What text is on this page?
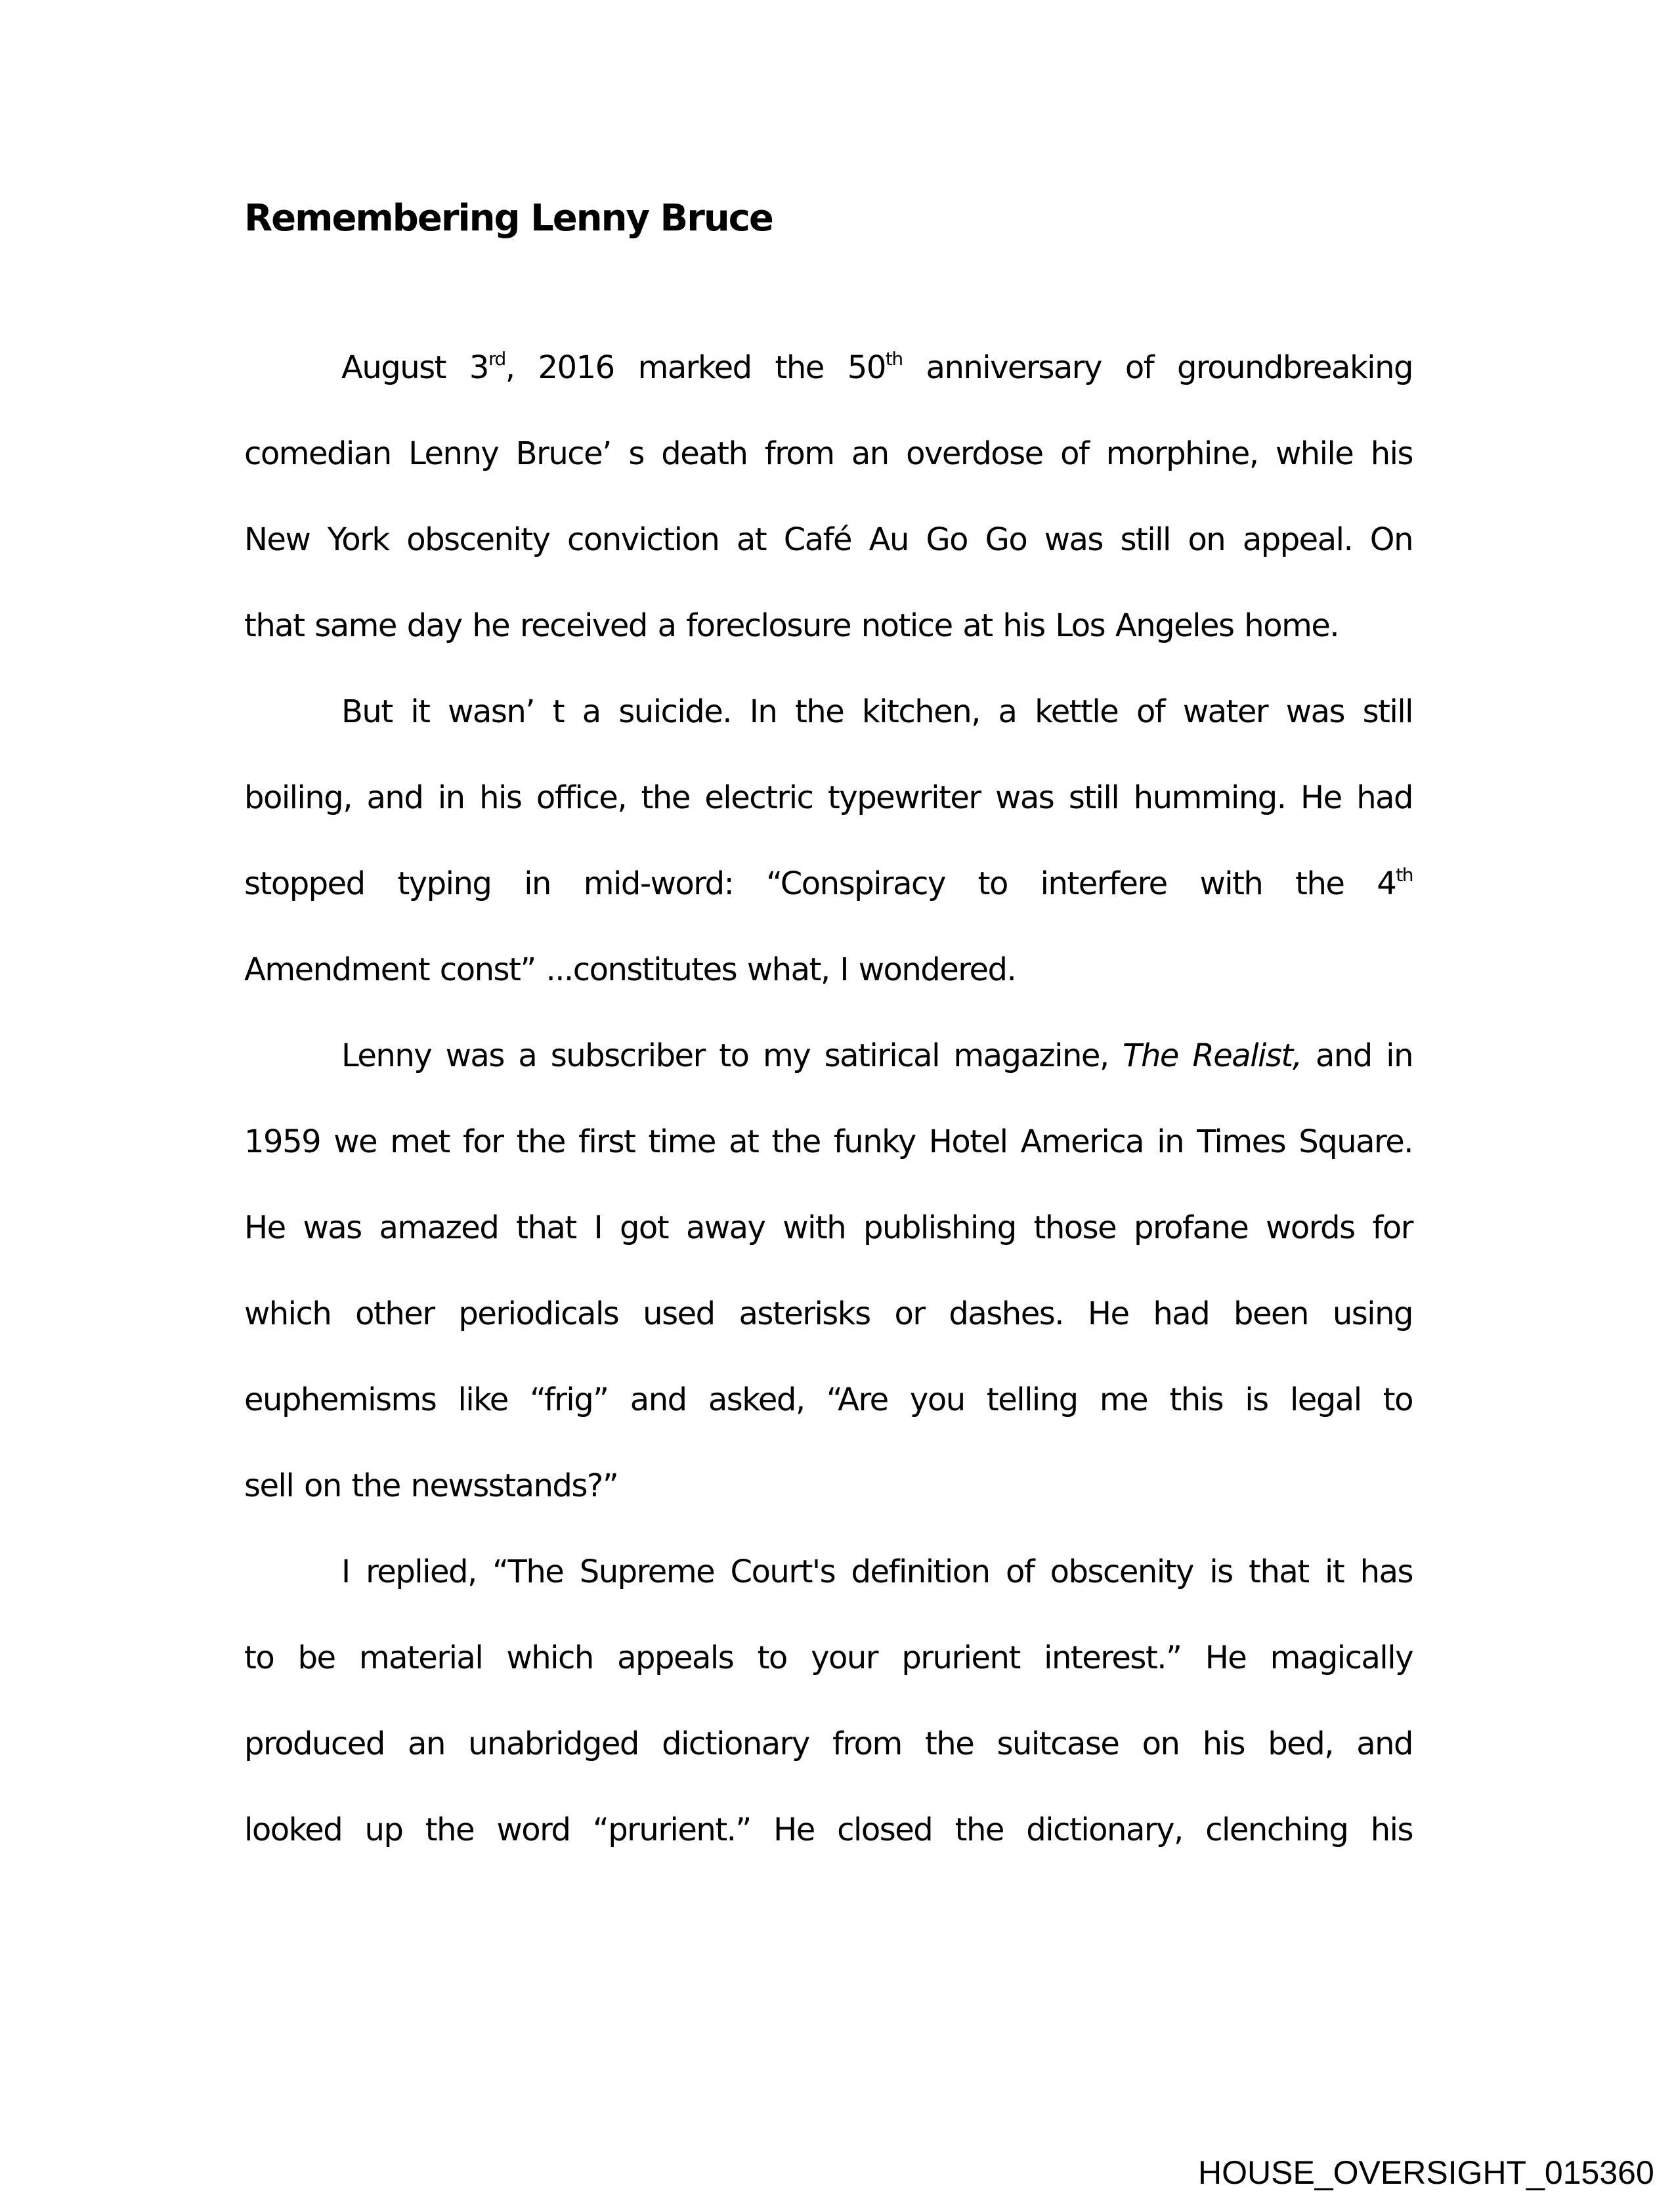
Remembering Lenny Bruce
August 3rd, 2016 marked the 50th anniversary of groundbreaking
comedian Lenny Bruce’ s death from an overdose of morphine, while his
New York obscenity conviction at Café Au Go Go was still on appeal. On
that same day he received a foreclosure notice at his Los Angeles home.
But it wasn’ t a suicide. In the kitchen, a kettle of water was still
boiling, and in his office, the electric typewriter was still humming. He had
stopped typing in mid-word: “Conspiracy to interfere with the 4th
Amendment const” ...constitutes what, I wondered.
Lenny was a subscriber to my satirical magazine, The Realist, and in
1959 we met for the first time at the funky Hotel America in Times Square.
He was amazed that I got away with publishing those profane words for
which other periodicals used asterisks or dashes. He had been using
euphemisms like “frig” and asked, “Are you telling me this is legal to
sell on the newsstands?”
I replied, “The Supreme Court's definition of obscenity is that it has
to be material which appeals to your prurient interest.” He magically
produced an unabridged dictionary from the suitcase on his bed, and
looked up the word “prurient.” He closed the dictionary, clenching his
HOUSE_OVERSIGHT_015360
